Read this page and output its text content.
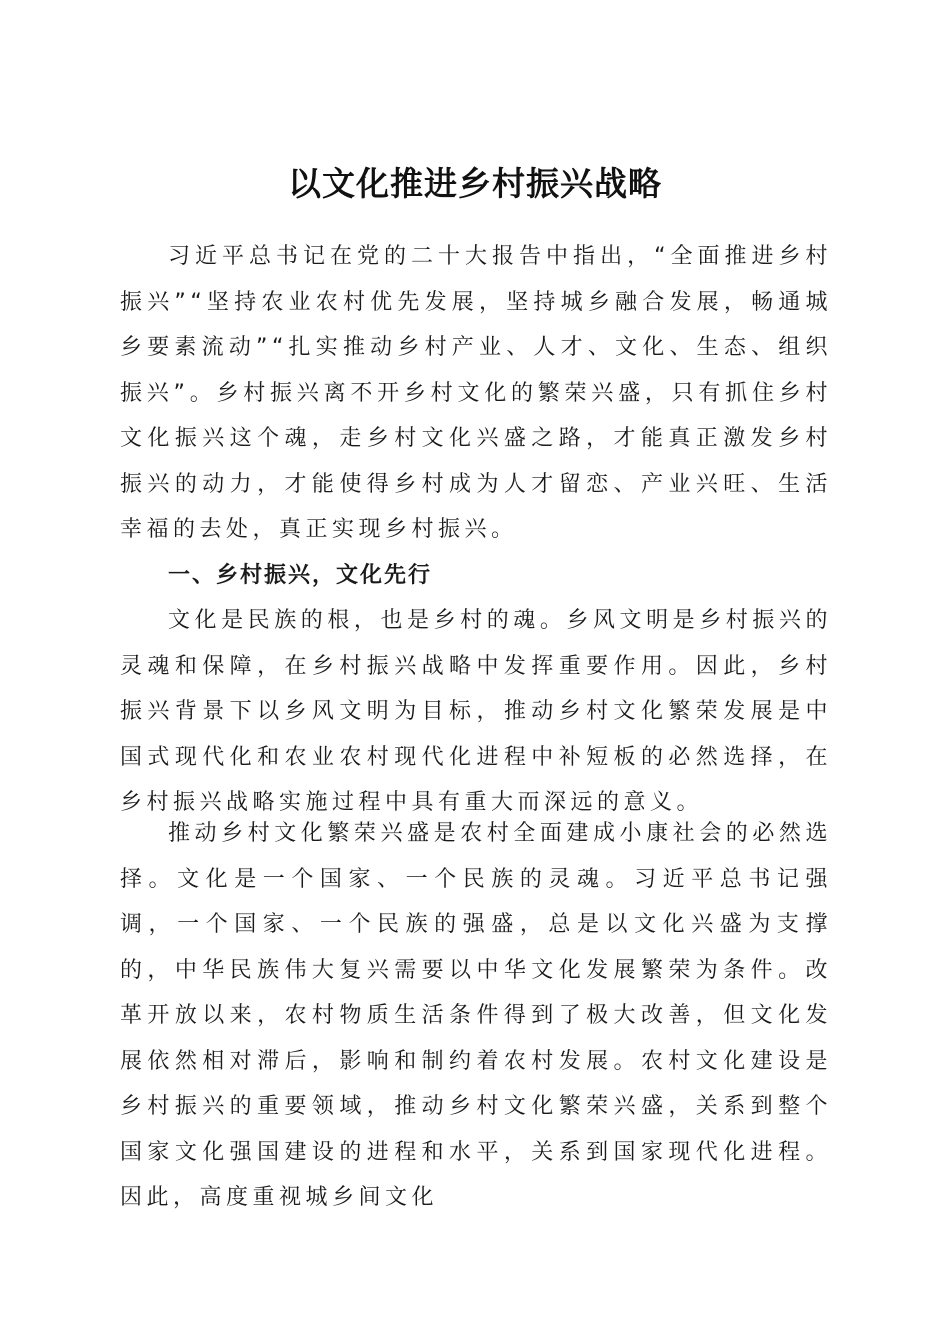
以文化推进乡村振兴战略

习近平总书记在党的二十大报告中指出，“全面推进乡村振兴”“坚持农业农村优先发展，坚持城乡融合发展，畅通城乡要素流动”“扎实推动乡村产业、人才、文化、生态、组织振兴”。乡村振兴离不开乡村文化的繁荣兴盛，只有抓住乡村文化振兴这个魂，走乡村文化兴盛之路，才能真正激发乡村振兴的动力，才能使得乡村成为人才留恋、产业兴旺、生活幸福的去处，真正实现乡村振兴。

一、乡村振兴，文化先行

文化是民族的根，也是乡村的魂。乡风文明是乡村振兴的灵魂和保障，在乡村振兴战略中发挥重要作用。因此，乡村振兴背景下以乡风文明为目标，推动乡村文化繁荣发展是中国式现代化和农业农村现代化进程中补短板的必然选择，在乡村振兴战略实施过程中具有重大而深远的意义。

推动乡村文化繁荣兴盛是农村全面建成小康社会的必然选择。文化是一个国家、一个民族的灵魂。习近平总书记强调，一个国家、一个民族的强盛，总是以文化兴盛为支撑的，中华民族伟大复兴需要以中华文化发展繁荣为条件。改革开放以来，农村物质生活条件得到了极大改善，但文化发展依然相对滞后，影响和制约着农村发展。农村文化建设是乡村振兴的重要领域，推动乡村文化繁荣兴盛，关系到整个国家文化强国建设的进程和水平，关系到国家现代化进程。因此，高度重视城乡间文化
